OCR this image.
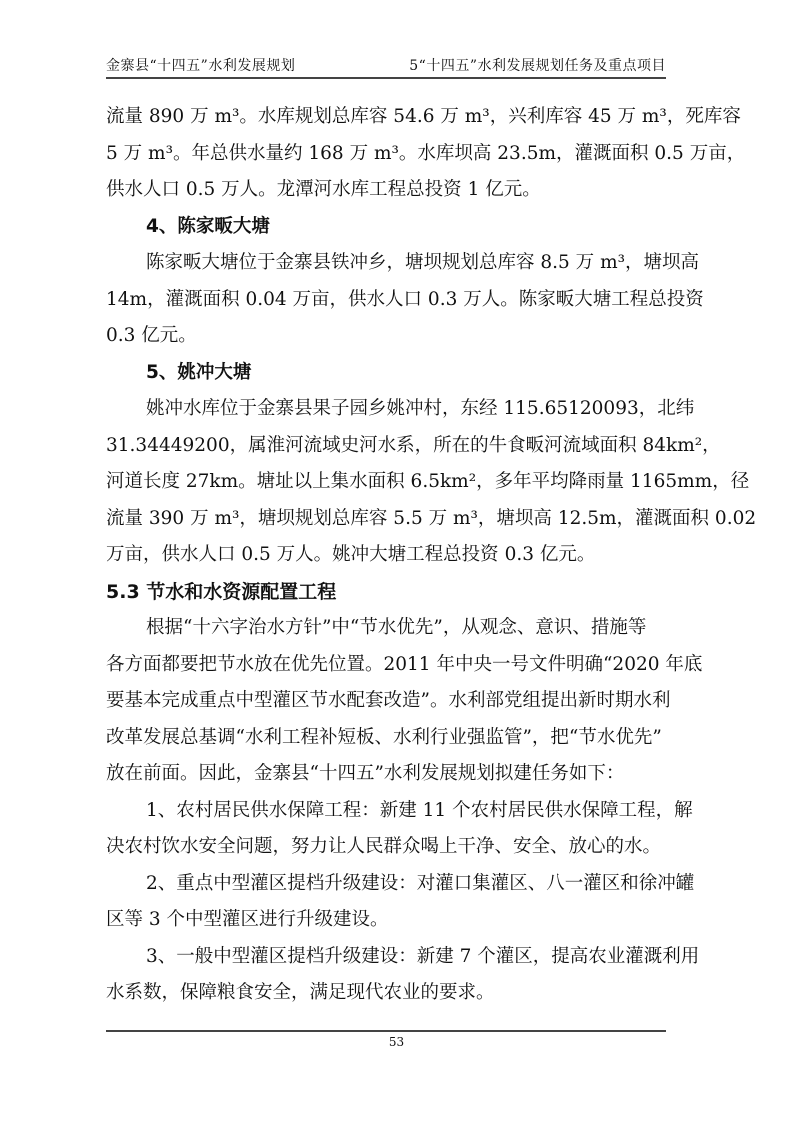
金寨县“十四五”水利发展规划	5“十四五”水利发展规划任务及重点项目
流量 890 万 m³。水库规划总库容 54.6 万 m³，兴利库容 45 万 m³，死库容
5 万 m³。年总供水量约 168 万 m³。水库坝高 23.5m，灌溉面积 0.5 万亩，
供水人口 0.5 万人。龙潭河水库工程总投资 1 亿元。
4、陈家畈大塘
陈家畈大塘位于金寨县铁冲乡，塘坝规划总库容 8.5 万 m³，塘坝高
14m，灌溉面积 0.04 万亩，供水人口 0.3 万人。陈家畈大塘工程总投资
0.3 亿元。
5、姚冲大塘
姚冲水库位于金寨县果子园乡姚冲村，东经 115.65120093，北纬
31.34449200，属淮河流域史河水系，所在的牛食畈河流域面积 84km²，
河道长度 27km。塘址以上集水面积 6.5km²，多年平均降雨量 1165mm，径
流量 390 万 m³，塘坝规划总库容 5.5 万 m³，塘坝高 12.5m，灌溉面积 0.02
万亩，供水人口 0.5 万人。姚冲大塘工程总投资 0.3 亿元。
5.3 节水和水资源配置工程
根据“十六字治水方针”中“节水优先”，从观念、意识、措施等
各方面都要把节水放在优先位置。2011 年中央一号文件明确“2020 年底
要基本完成重点中型灌区节水配套改造”。水利部党组提出新时期水利
改革发展总基调“水利工程补短板、水利行业强监管”，把“节水优先”
放在前面。因此，金寨县“十四五”水利发展规划拟建任务如下：
1、农村居民供水保障工程：新建 11 个农村居民供水保障工程，解
决农村饮水安全问题，努力让人民群众喝上干净、安全、放心的水。
2、重点中型灌区提档升级建设：对灌口集灌区、八一灌区和徐冲罐
区等 3 个中型灌区进行升级建设。
3、一般中型灌区提档升级建设：新建 7 个灌区，提高农业灌溉利用
水系数，保障粮食安全，满足现代农业的要求。
53
